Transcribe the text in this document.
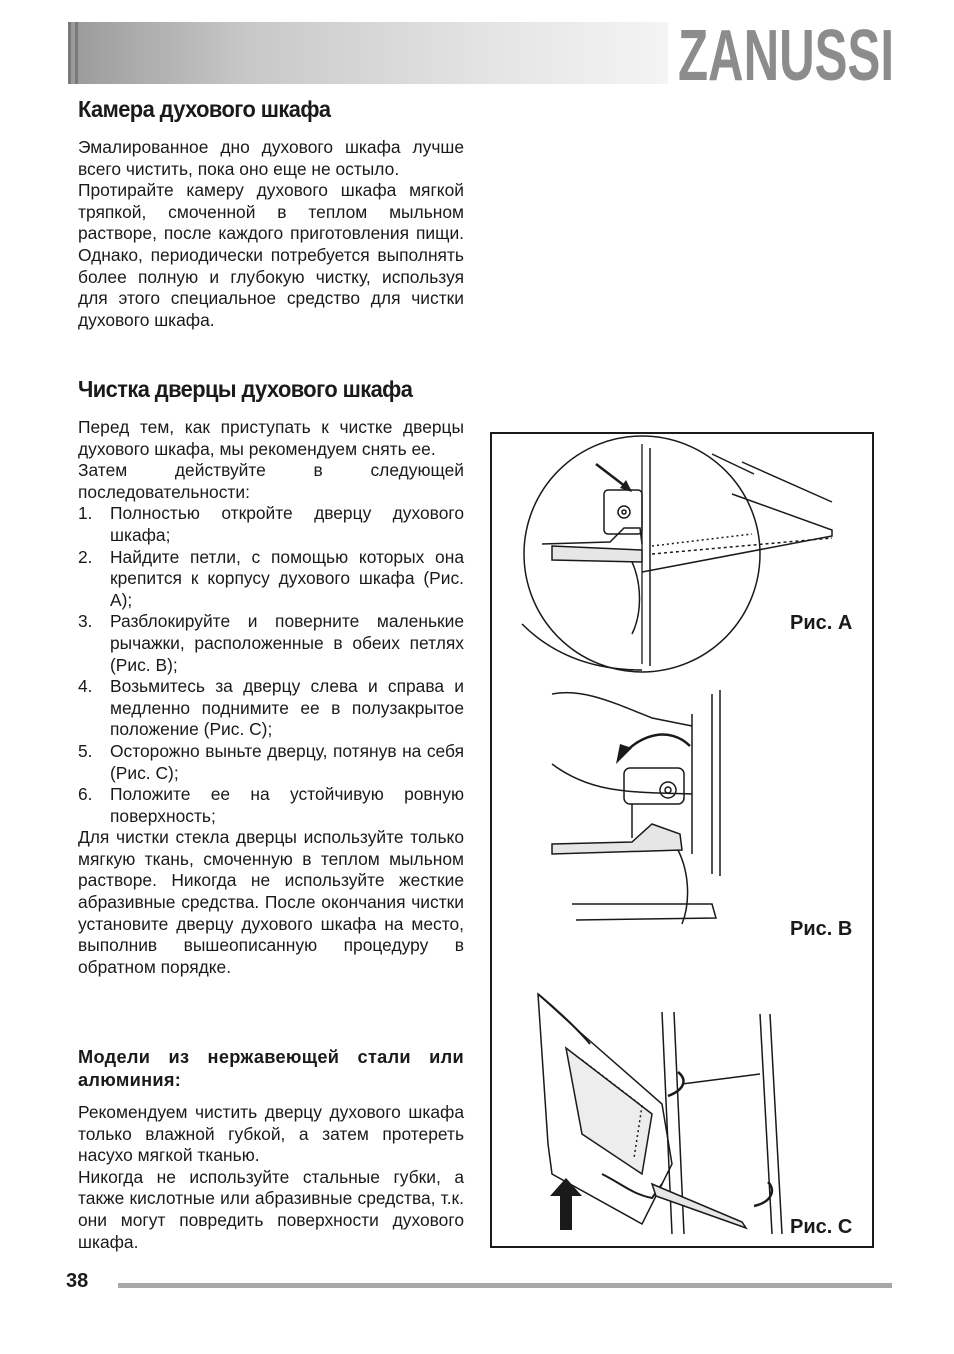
ZANUSSI
Камера духового шкафа

Эмалированное дно духового шкафа лучше всего чистить, пока оно еще не остыло.

Протирайте камеру духового шкафа мягкой тряпкой, смоченной в теплом мыльном растворе, после каждого приготовления пищи. Однако, периодически потребуется выполнять более полную и глубокую чистку, используя для этого специальное средство для чистки духового шкафа.

Чистка дверцы духового шкафа

Перед тем, как приступать к чистке дверцы духового шкафа, мы рекомендуем снять ее.

Затем действуйте в следующей последовательности:

1. Полностью откройте дверцу духового шкафа;
2. Найдите петли, с помощью которых она крепится к корпусу духового шкафа (Рис. A);
3. Разблокируйте и поверните маленькие рычажки, расположенные в обеих петлях (Рис. B);
4. Возьмитесь за дверцу слева и справа и медленно поднимите ее в полузакрытое положение (Рис. C);
5. Осторожно выньте дверцу, потянув на себя (Рис. C);
6. Положите ее на устойчивую ровную поверхность;

Для чистки стекла дверцы используйте только мягкую ткань, смоченную в теплом мыльном растворе. Никогда не используйте жесткие абразивные средства. После окончания чистки установите дверцу духового шкафа на место, выполнив вышеописанную процедуру в обратном порядке.

Модели из нержавеющей стали или алюминия:

Рекомендуем чистить дверцу духового шкафа только влажной губкой, а затем протереть насухо мягкой тканью.

Никогда не используйте стальные губки, а также кислотные или абразивные средства, т.к. они могут повредить поверхности духового шкафа.

Рис. A
Рис. B
Рис. C
38
